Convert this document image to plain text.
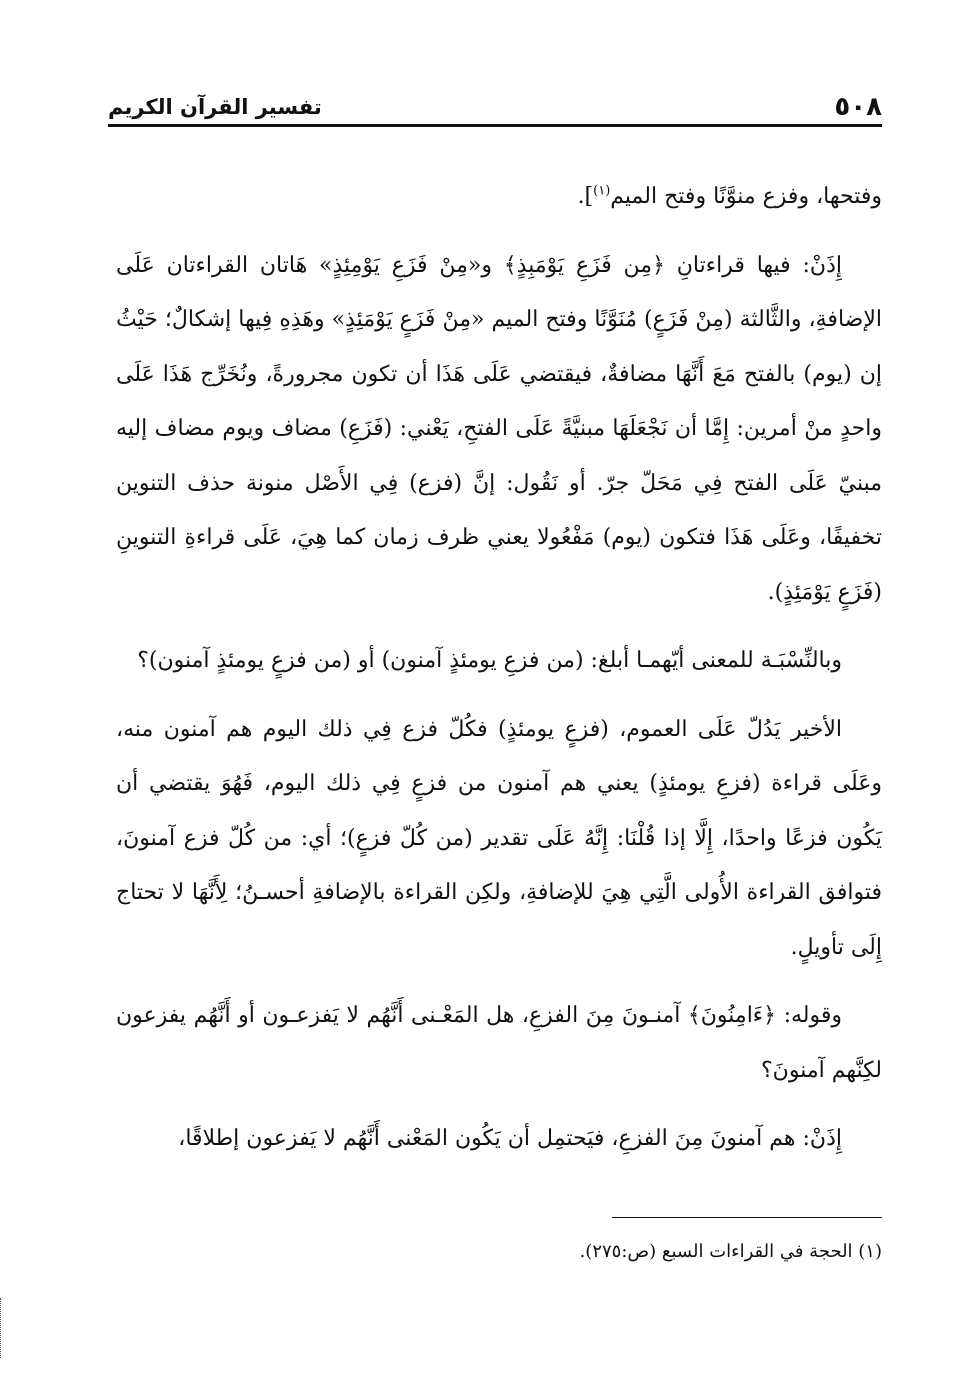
٥٠٨
تفسير القرآن الكريم

وفتحها، وفزع منوَّنًا وفتح الميم$^{(١)}$].

إِذَنْ: فيها قراءتانِ ﴿مِن فَزَعِ يَوْمَبِذٍ﴾ و«مِنْ فَزَعِ يَوْمِئِذٍ» هَاتان القراءتان عَلَى الإضافةِ، والثَّالثة (مِنْ فَزَعٍ) مُنَوَّنًا وفتح الميم «مِنْ فَزَعٍ يَوْمَئِذٍ» وهَذِهِ فِيها إشكالٌ؛ حَيْثُ إن (يوم) بالفتح مَعَ أَنَّهَا مضافةٌ، فيقتضي عَلَى هَذَا أن تكون مجرورةً، ونُخَرِّج هَذَا عَلَى واحدٍ منْ أمرين: إِمَّا أن نَجْعَلَهَا مبنيَّةً عَلَى الفتحِ، يَعْني: (فَزَعِ) مضاف ويوم مضاف إليه مبنيّ عَلَى الفتح فِي مَحَلّ جرّ. أو نَقُول: إنَّ (فزع) فِي الأَصْل منونة حذف التنوين تخفيفًا، وعَلَى هَذَا فتكون (يوم) مَفْعُولا يعني ظرف زمان كما هِيَ، عَلَى قراءةِ التنوينِ (فَزَعٍ يَوْمَئِذٍ).

وبالنِّسْبَـة للمعنى أيّهمـا أبلغ: (من فزعِ يومئذٍ آمنون) أو (من فزعٍ يومئذٍ آمنون)؟

الأخير يَدُلّ عَلَى العموم، (فزعٍ يومئذٍ) فكُلّ فزع فِي ذلك اليوم هم آمنون منه، وعَلَى قراءة (فزعِ يومئذٍ) يعني هم آمنون من فزعٍ فِي ذلك اليوم، فَهُوَ يقتضي أن يَكُون فزعًا واحدًا، إِلَّا إذا قُلْنَا: إِنَّهُ عَلَى تقدير (من كُلّ فزعٍ)؛ أي: من كُلّ فزع آمنونَ، فتوافق القراءة الأُولى الَّتِي هِيَ للإضافةِ، ولكِن القراءة بالإضافةِ أحسـنُ؛ لِأَنَّهَا لا تحتاج إِلَى تأويلٍ.

وقوله: ﴿ءَامِنُونَ﴾ آمنـونَ مِنَ الفزعِ، هل المَعْـنى أَنَّهُم لا يَفزعـون أو أَنَّهُم يفزعون لكِنَّهم آمنونَ؟

إِذَنْ: هم آمنونَ مِنَ الفزعِ، فيَحتمِل أن يَكُون المَعْنى أَنَّهُم لا يَفزعون إطلاقًا،

(١) الحجة في القراءات السبع (ص:٢٧٥).
